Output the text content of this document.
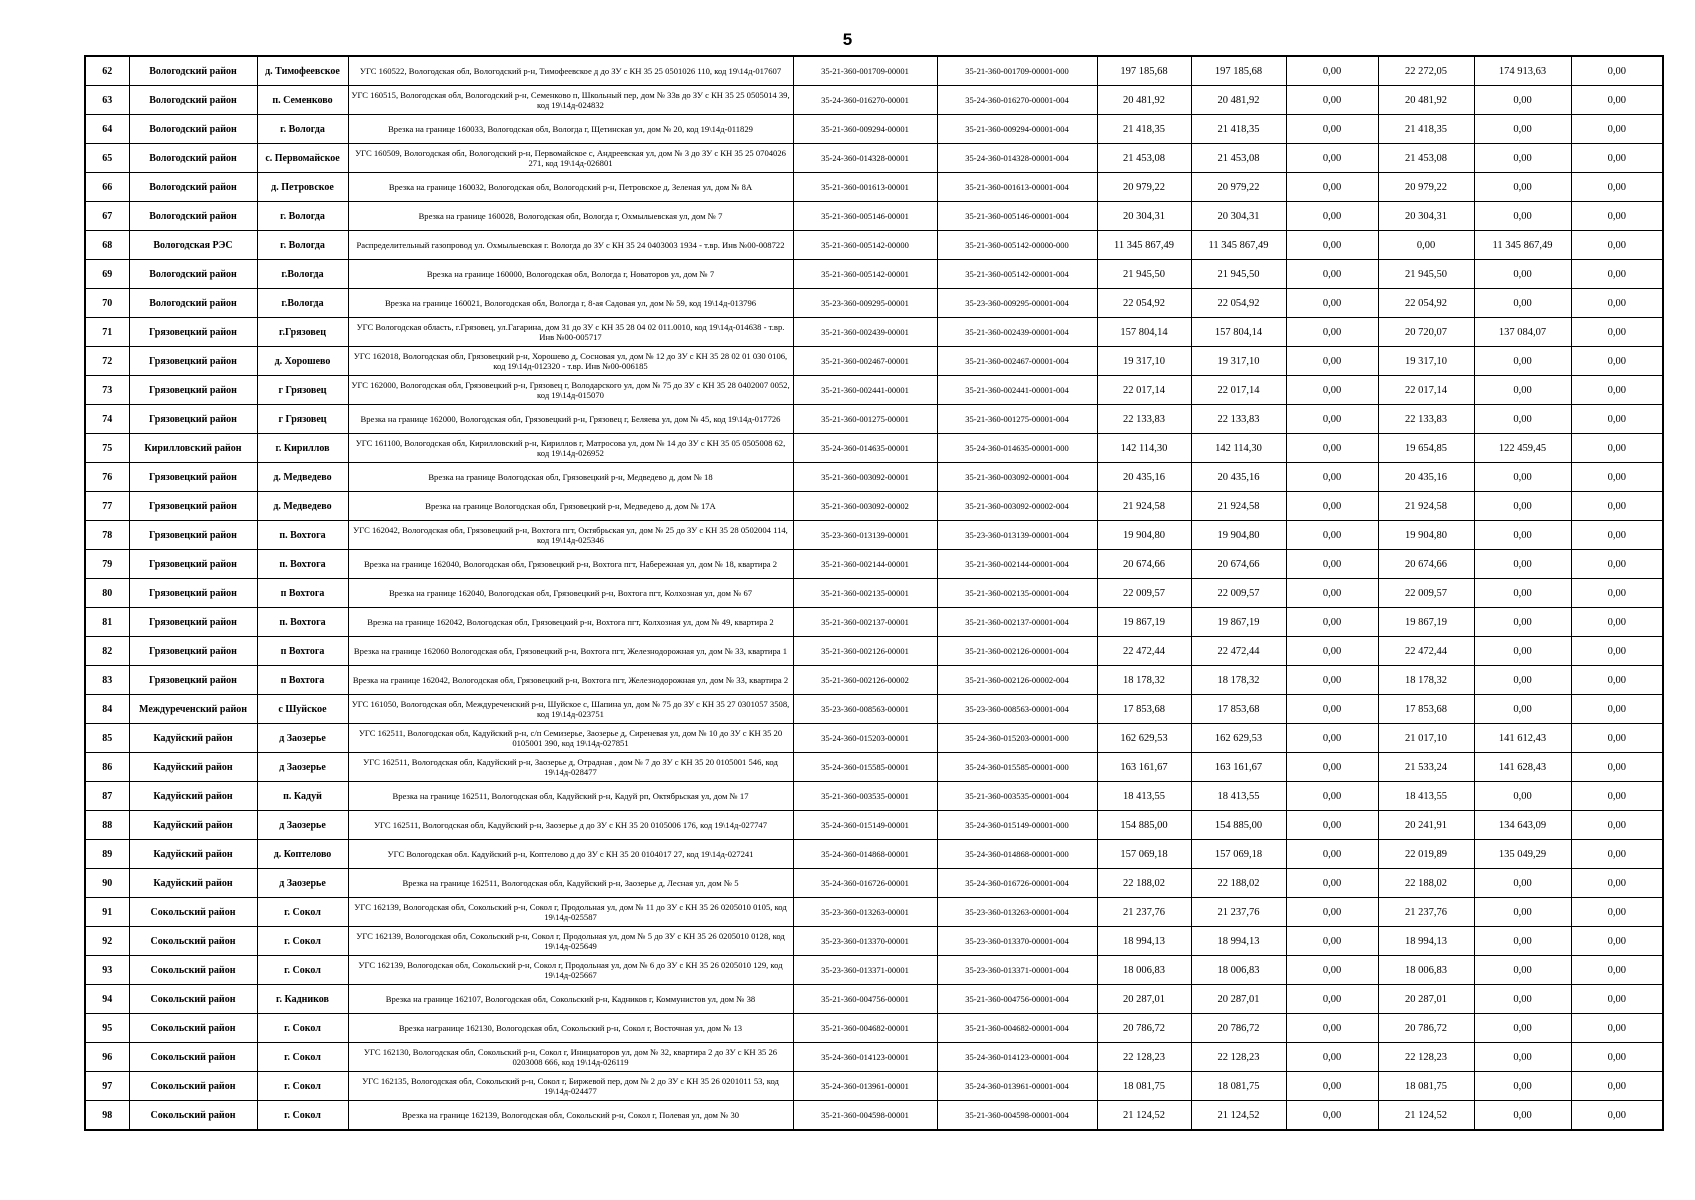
5
62	Вологодский район	д. Тимофеевское	УГС 160522, Вологодская обл, Вологодский р-н, Тимофеевское д до ЗУ с КН 35 25 0501026 110, код 19\14д-017607	35-21-360-001709-00001	35-21-360-001709-00001-000	197 185,68	197 185,68	0,00	22 272,05	174 913,63	0,00
63	Вологодский район	п. Семенково	УГС 160515, Вологодская обл, Вологодский р-н, Семенково п, Школьный пер, дом № 33в до ЗУ с КН 35 25 0505014 39, код 19\14д-024832	35-24-360-016270-00001	35-24-360-016270-00001-004	20 481,92	20 481,92	0,00	20 481,92	0,00	0,00
64	Вологодский район	г. Вологда	Врезка на границе 160033, Вологодская обл, Вологда г, Щетинская ул, дом № 20, код 19\14д-011829	35-21-360-009294-00001	35-21-360-009294-00001-004	21 418,35	21 418,35	0,00	21 418,35	0,00	0,00
65	Вологодский район	с. Первомайское	УГС 160509, Вологодская обл, Вологодский р-н, Первомайское с, Андреевская ул, дом № 3 до ЗУ с КН 35 25 0704026 271, код 19\14д-026801	35-24-360-014328-00001	35-24-360-014328-00001-004	21 453,08	21 453,08	0,00	21 453,08	0,00	0,00
66	Вологодский район	д. Петровское	Врезка на границе 160032, Вологодская обл, Вологодский р-н, Петровское д, Зеленая ул, дом № 8А	35-21-360-001613-00001	35-21-360-001613-00001-004	20 979,22	20 979,22	0,00	20 979,22	0,00	0,00
67	Вологодский район	г. Вологда	Врезка на границе 160028, Вологодская обл, Вологда г, Охмылыевская ул, дом № 7	35-21-360-005146-00001	35-21-360-005146-00001-004	20 304,31	20 304,31	0,00	20 304,31	0,00	0,00
68	Вологодская РЭС	г. Вологда	Распределительный газопровод ул. Охмылыевская г. Вологда до ЗУ с КН 35 24 0403003 1934 - т.вр. Инв №00-008722	35-21-360-005142-00000	35-21-360-005142-00000-000	11 345 867,49	11 345 867,49	0,00	0,00	11 345 867,49	0,00
69	Вологодский район	г.Вологда	Врезка на границе 160000, Вологодская обл, Вологда г, Новаторов ул, дом № 7	35-21-360-005142-00001	35-21-360-005142-00001-004	21 945,50	21 945,50	0,00	21 945,50	0,00	0,00
70	Вологодский район	г.Вологда	Врезка на границе 160021, Вологодская обл, Вологда г, 8-ая Садовая ул, дом № 59, код 19\14д-013796	35-23-360-009295-00001	35-23-360-009295-00001-004	22 054,92	22 054,92	0,00	22 054,92	0,00	0,00
71	Грязовецкий район	г.Грязовец	УГС Вологодская область, г.Грязовец, ул.Гагарина, дом 31 до ЗУ с КН 35 28 04 02 011.0010, код 19\14д-014638 - т.вр. Инв №00-005717	35-21-360-002439-00001	35-21-360-002439-00001-004	157 804,14	157 804,14	0,00	20 720,07	137 084,07	0,00
72	Грязовецкий район	д. Хорошево	УГС 162018, Вологодская обл, Грязовецкий р-н, Хорошево д, Сосновая ул, дом № 12 до ЗУ с КН 35 28 02 01 030 0106, код 19\14д-012320 - т.вр. Инв №00-006185	35-21-360-002467-00001	35-21-360-002467-00001-004	19 317,10	19 317,10	0,00	19 317,10	0,00	0,00
73	Грязовецкий район	г Грязовец	УГС 162000, Вологодская обл, Грязовецкий р-н, Грязовец г, Володарского ул, дом № 75 до ЗУ с КН 35 28 0402007 0052, код 19\14д-015070	35-21-360-002441-00001	35-21-360-002441-00001-004	22 017,14	22 017,14	0,00	22 017,14	0,00	0,00
74	Грязовецкий район	г Грязовец	Врезка на границе 162000, Вологодская обл, Грязовецкий р-н, Грязовец г, Беляева ул, дом № 45, код 19\14д-017726	35-21-360-001275-00001	35-21-360-001275-00001-004	22 133,83	22 133,83	0,00	22 133,83	0,00	0,00
75	Кирилловский район	г. Кириллов	УГС 161100, Вологодская обл, Кирилловский р-н, Кириллов г, Матросова ул, дом № 14 до ЗУ с КН 35 05 0505008 62, код 19\14д-026952	35-24-360-014635-00001	35-24-360-014635-00001-000	142 114,30	142 114,30	0,00	19 654,85	122 459,45	0,00
76	Грязовецкий район	д. Медведево	Врезка на границе Вологодская обл, Грязовецкий р-н, Медведево д, дом № 18	35-21-360-003092-00001	35-21-360-003092-00001-004	20 435,16	20 435,16	0,00	20 435,16	0,00	0,00
77	Грязовецкий район	д. Медведево	Врезка на границе Вологодская обл, Грязовецкий р-н, Медведево д, дом № 17А	35-21-360-003092-00002	35-21-360-003092-00002-004	21 924,58	21 924,58	0,00	21 924,58	0,00	0,00
78	Грязовецкий район	п. Вохтога	УГС 162042, Вологодская обл, Грязовецкий р-н, Вохтога пгт, Октябрьская ул, дом № 25 до ЗУ с КН 35 28 0502004 114, код 19\14д-025346	35-23-360-013139-00001	35-23-360-013139-00001-004	19 904,80	19 904,80	0,00	19 904,80	0,00	0,00
79	Грязовецкий район	п. Вохтога	Врезка на границе 162040, Вологодская обл, Грязовецкий р-н, Вохтога пгт, Набережная ул, дом № 18, квартира 2	35-21-360-002144-00001	35-21-360-002144-00001-004	20 674,66	20 674,66	0,00	20 674,66	0,00	0,00
80	Грязовецкий район	п Вохтога	Врезка на границе 162040, Вологодская обл, Грязовецкий р-н, Вохтога пгт, Колхозная ул, дом № 67	35-21-360-002135-00001	35-21-360-002135-00001-004	22 009,57	22 009,57	0,00	22 009,57	0,00	0,00
81	Грязовецкий район	п. Вохтога	Врезка на границе 162042, Вологодская обл, Грязовецкий р-н, Вохтога пгт, Колхозная ул, дом № 49, квартира 2	35-21-360-002137-00001	35-21-360-002137-00001-004	19 867,19	19 867,19	0,00	19 867,19	0,00	0,00
82	Грязовецкий район	п Вохтога	Врезка на границе 162060 Вологодская обл, Грязовецкий р-н, Вохтога пгт, Железнодорожная ул, дом № 33, квартира 1	35-21-360-002126-00001	35-21-360-002126-00001-004	22 472,44	22 472,44	0,00	22 472,44	0,00	0,00
83	Грязовецкий район	п Вохтога	Врезка на границе 162042, Вологодская обл, Грязовецкий р-н, Вохтога пгт, Железнодорожная ул, дом № 33, квартира 2	35-21-360-002126-00002	35-21-360-002126-00002-004	18 178,32	18 178,32	0,00	18 178,32	0,00	0,00
84	Междуреченский район	с Шуйское	УГС 161050, Вологодская обл, Междуреченский р-н, Шуйское с, Шапина ул, дом № 75 до ЗУ с КН 35 27 0301057 3508, код 19\14д-023751	35-23-360-008563-00001	35-23-360-008563-00001-004	17 853,68	17 853,68	0,00	17 853,68	0,00	0,00
85	Кадуйский район	д Заозерье	УГС 162511, Вологодская обл, Кадуйский р-н, с/п Семизерье, Заозерье д, Сиреневая ул, дом № 10 до ЗУ с КН 35 20 0105001 390, код 19\14д-027851	35-24-360-015203-00001	35-24-360-015203-00001-000	162 629,53	162 629,53	0,00	21 017,10	141 612,43	0,00
86	Кадуйский район	д Заозерье	УГС 162511, Вологодская обл, Кадуйский р-н, Заозерье д, Отрадная , дом № 7 до ЗУ с КН 35 20 0105001 546, код 19\14д-028477	35-24-360-015585-00001	35-24-360-015585-00001-000	163 161,67	163 161,67	0,00	21 533,24	141 628,43	0,00
87	Кадуйский район	п. Кадуй	Врезка на границе 162511, Вологодская обл, Кадуйский р-н, Кадуй рп, Октябрьская ул, дом № 17	35-21-360-003535-00001	35-21-360-003535-00001-004	18 413,55	18 413,55	0,00	18 413,55	0,00	0,00
88	Кадуйский район	д Заозерье	УГС 162511, Вологодская обл, Кадуйский р-н, Заозерье д до ЗУ с КН 35 20 0105006 176, код 19\14д-027747	35-24-360-015149-00001	35-24-360-015149-00001-000	154 885,00	154 885,00	0,00	20 241,91	134 643,09	0,00
89	Кадуйский район	д. Коптелово	УГС Вологодская обл. Кадуйский р-н, Коптелово д до ЗУ с КН 35 20 0104017 27, код 19\14д-027241	35-24-360-014868-00001	35-24-360-014868-00001-000	157 069,18	157 069,18	0,00	22 019,89	135 049,29	0,00
90	Кадуйский район	д Заозерье	Врезка на границе 162511, Вологодская обл, Кадуйский р-н, Заозерье д, Лесная ул, дом № 5	35-24-360-016726-00001	35-24-360-016726-00001-004	22 188,02	22 188,02	0,00	22 188,02	0,00	0,00
91	Сокольский район	г. Сокол	УГС 162139, Вологодская обл, Сокольский р-н, Сокол г, Продольная ул, дом № 11 до ЗУ с КН 35 26 0205010 0105, код 19\14д-025587	35-23-360-013263-00001	35-23-360-013263-00001-004	21 237,76	21 237,76	0,00	21 237,76	0,00	0,00
92	Сокольский район	г. Сокол	УГС 162139, Вологодская обл, Сокольский р-н, Сокол г, Продольная ул, дом № 5 до ЗУ с КН 35 26 0205010 0128, код 19\14д-025649	35-23-360-013370-00001	35-23-360-013370-00001-004	18 994,13	18 994,13	0,00	18 994,13	0,00	0,00
93	Сокольский район	г. Сокол	УГС 162139, Вологодская обл, Сокольский р-н, Сокол г, Продольная ул, дом № 6 до ЗУ с КН 35 26 0205010 129, код 19\14д-025667	35-23-360-013371-00001	35-23-360-013371-00001-004	18 006,83	18 006,83	0,00	18 006,83	0,00	0,00
94	Сокольский район	г. Кадников	Врезка на границе 162107, Вологодская обл, Сокольский р-н, Кадников г, Коммунистов ул, дом № 38	35-21-360-004756-00001	35-21-360-004756-00001-004	20 287,01	20 287,01	0,00	20 287,01	0,00	0,00
95	Сокольский район	г. Сокол	Врезка награнице 162130, Вологодская обл, Сокольский р-н, Сокол г, Восточная ул, дом № 13	35-21-360-004682-00001	35-21-360-004682-00001-004	20 786,72	20 786,72	0,00	20 786,72	0,00	0,00
96	Сокольский район	г. Сокол	УГС 162130, Вологодская обл, Сокольский р-н, Сокол г, Инициаторов ул, дом № 32, квартира 2 до ЗУ с КН 35 26 0203008 666, код 19\14д-026119	35-24-360-014123-00001	35-24-360-014123-00001-004	22 128,23	22 128,23	0,00	22 128,23	0,00	0,00
97	Сокольский район	г. Сокол	УГС 162135, Вологодская обл, Сокольский р-н, Сокол г, Биржевой пер, дом № 2 до ЗУ с КН 35 26 0201011 53, код 19\14д-024477	35-24-360-013961-00001	35-24-360-013961-00001-004	18 081,75	18 081,75	0,00	18 081,75	0,00	0,00
98	Сокольский район	г. Сокол	Врезка на границе 162139, Вологодская обл, Сокольский р-н, Сокол г, Полевая ул, дом № 30	35-21-360-004598-00001	35-21-360-004598-00001-004	21 124,52	21 124,52	0,00	21 124,52	0,00	0,00
